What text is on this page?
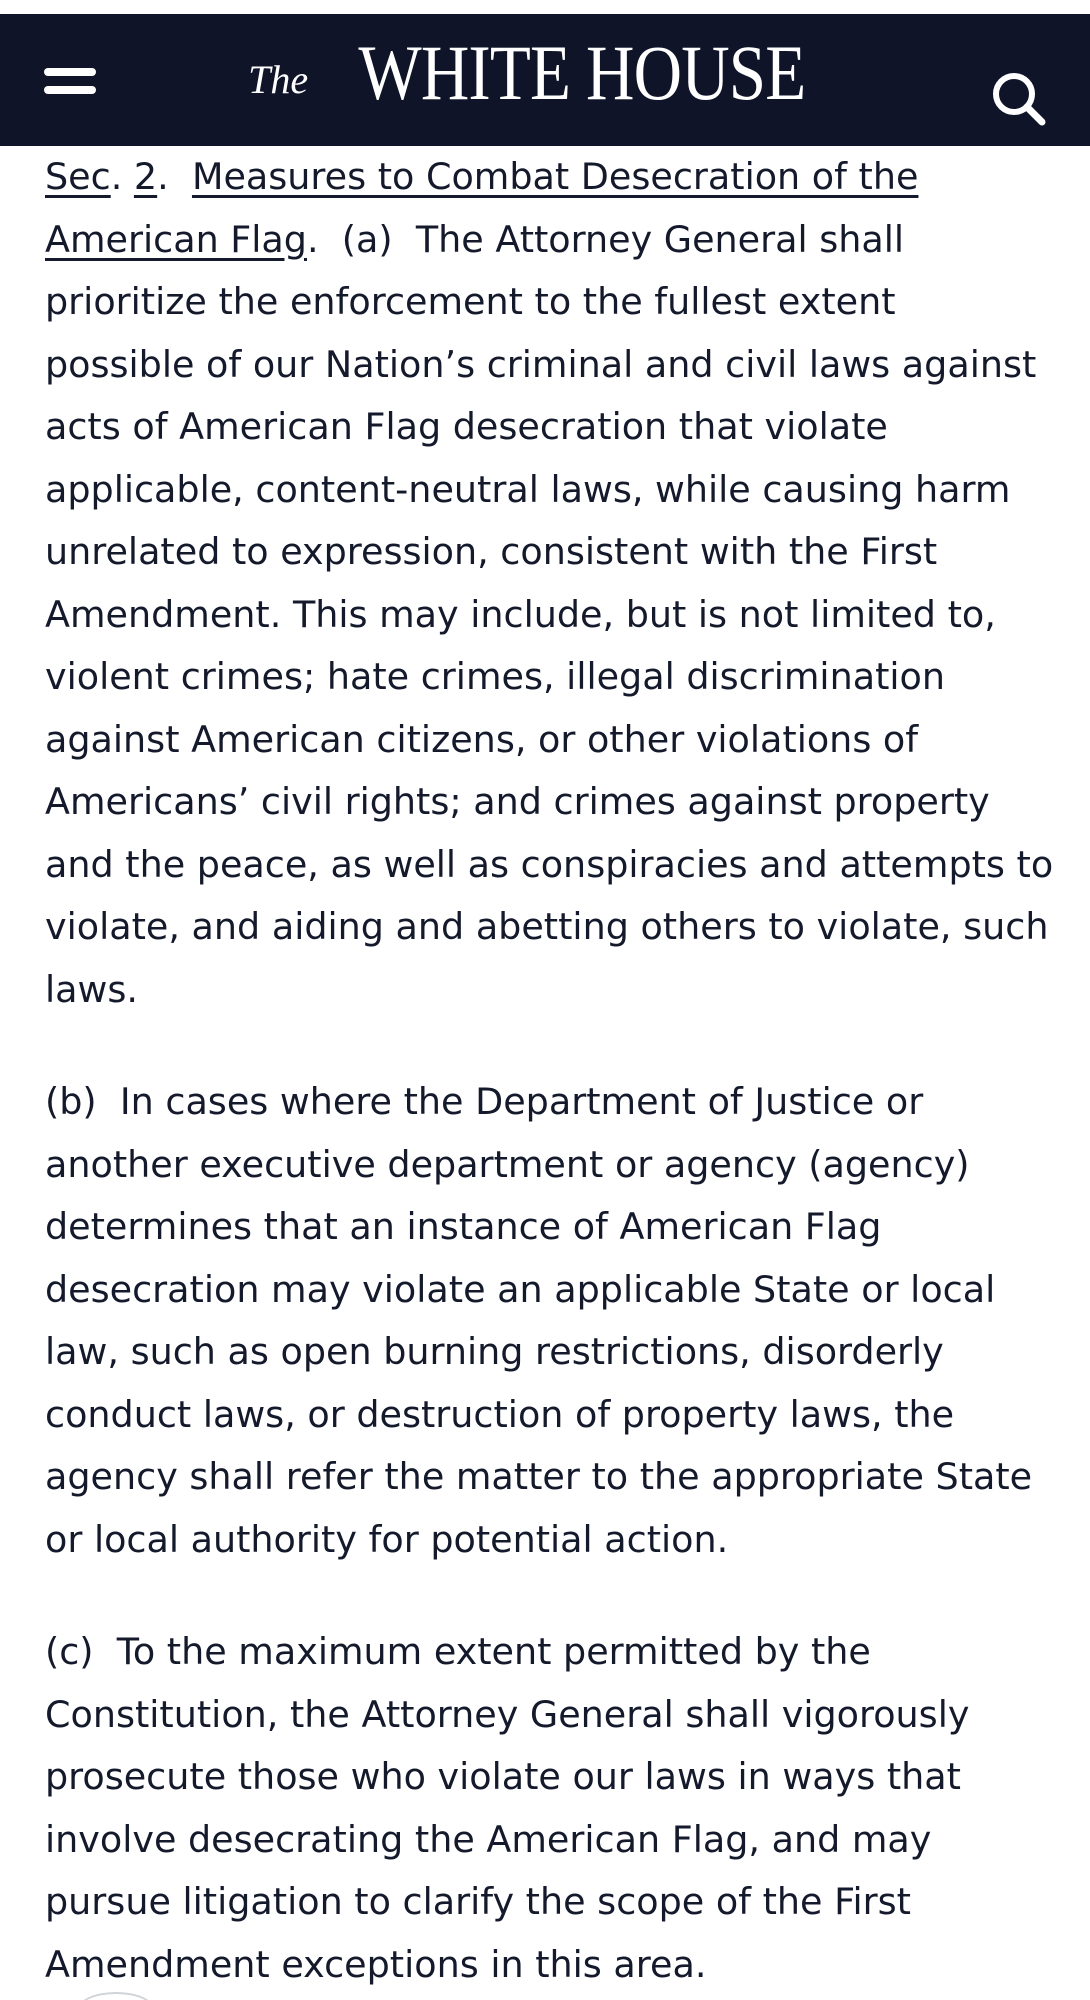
The WHITE HOUSE

Sec. 2.  Measures to Combat Desecration of the American Flag.  (a) The Attorney General shall prioritize the enforcement to the fullest extent possible of our Nation’s criminal and civil laws against acts of American Flag desecration that violate applicable, content-neutral laws, while causing harm unrelated to expression, consistent with the First Amendment. This may include, but is not limited to, violent crimes; hate crimes, illegal discrimination against American citizens, or other violations of Americans’ civil rights; and crimes against property and the peace, as well as conspiracies and attempts to violate, and aiding and abetting others to violate, such laws.

(b) In cases where the Department of Justice or another executive department or agency (agency) determines that an instance of American Flag desecration may violate an applicable State or local law, such as open burning restrictions, disorderly conduct laws, or destruction of property laws, the agency shall refer the matter to the appropriate State or local authority for potential action.

(c) To the maximum extent permitted by the Constitution, the Attorney General shall vigorously prosecute those who violate our laws in ways that involve desecrating the American Flag, and may pursue litigation to clarify the scope of the First Amendment exceptions in this area.
